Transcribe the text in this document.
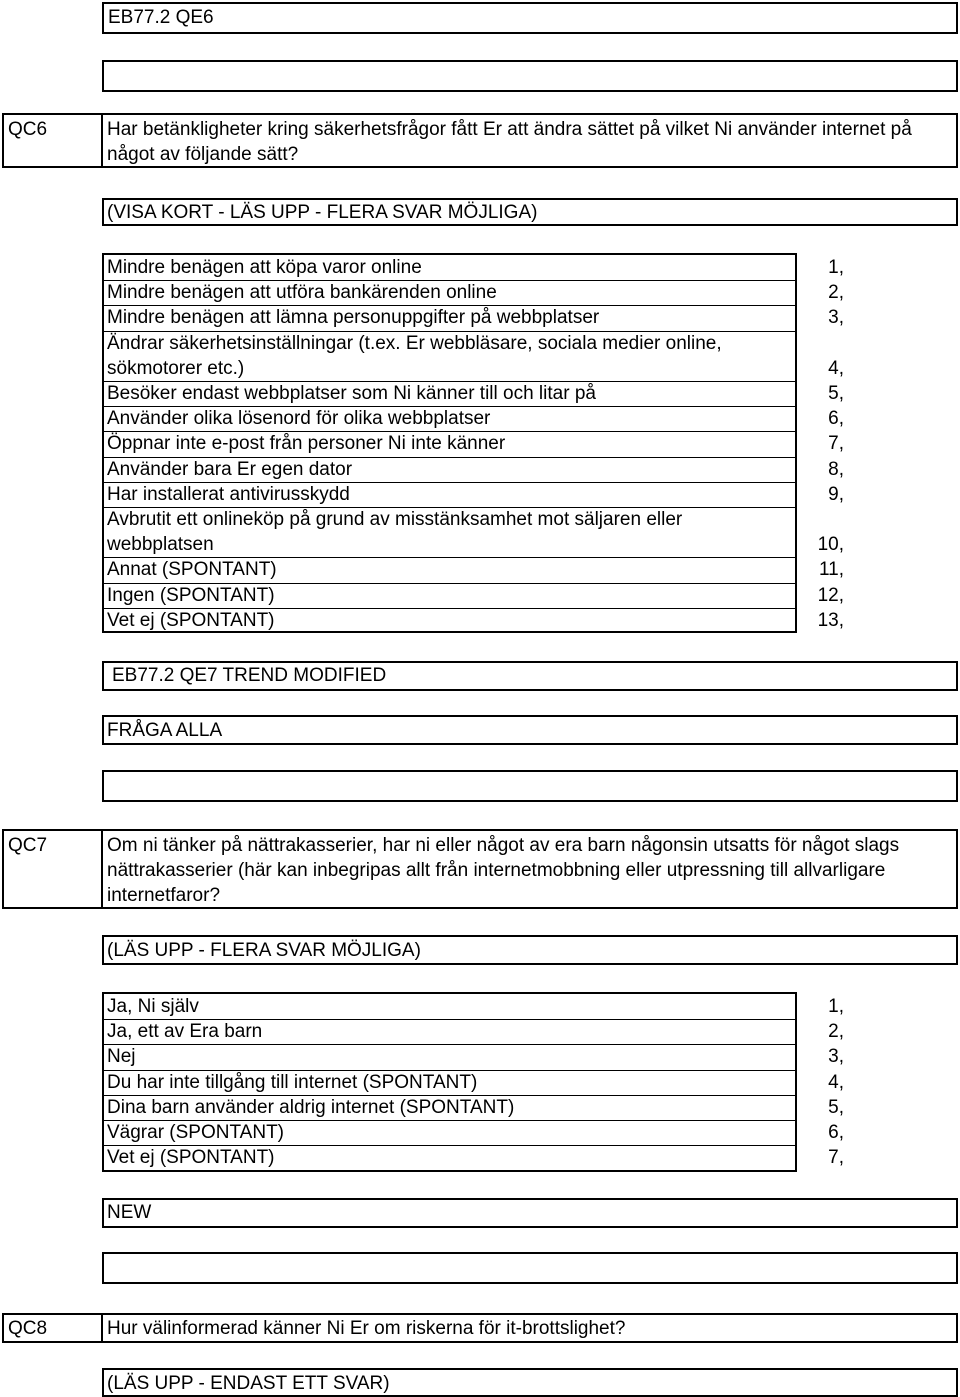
EB77.2 QE6
QC6	Har betänkligheter kring säkerhetsfrågor fått Er att ändra sättet på vilket Ni använder internet på något av följande sätt?
(VISA KORT - LÄS UPP - FLERA SVAR MÖJLIGA)
Mindre benägen att köpa varor online	1,
Mindre benägen att utföra bankärenden online	2,
Mindre benägen att lämna personuppgifter på webbplatser	3,
Ändrar säkerhetsinställningar (t.ex. Er webbläsare, sociala medier online, sökmotorer etc.)	4,
Besöker endast webbplatser som Ni känner till och litar på	5,
Använder olika lösenord för olika webbplatser	6,
Öppnar inte e-post från personer Ni inte känner	7,
Använder bara Er egen dator	8,
Har installerat antivirusskydd	9,
Avbrutit ett onlineköp på grund av misstänksamhet mot säljaren eller webbplatsen	10,
Annat (SPONTANT)	11,
Ingen (SPONTANT)	12,
Vet ej (SPONTANT)	13,
EB77.2 QE7 TREND MODIFIED
FRÅGA ALLA
QC7	Om ni tänker på nättrakasserier, har ni eller något av era barn någonsin utsatts för något slags nättrakasserier (här kan inbegripas allt från internetmobbning eller utpressning till allvarligare internetfaror?
(LÄS UPP - FLERA SVAR MÖJLIGA)
Ja, Ni själv	1,
Ja, ett av Era barn	2,
Nej	3,
Du har inte tillgång till internet (SPONTANT)	4,
Dina barn använder aldrig internet (SPONTANT)	5,
Vägrar (SPONTANT)	6,
Vet ej (SPONTANT)	7,
NEW
QC8	Hur välinformerad känner Ni Er om riskerna för it-brottslighet?
(LÄS UPP - ENDAST ETT SVAR)
